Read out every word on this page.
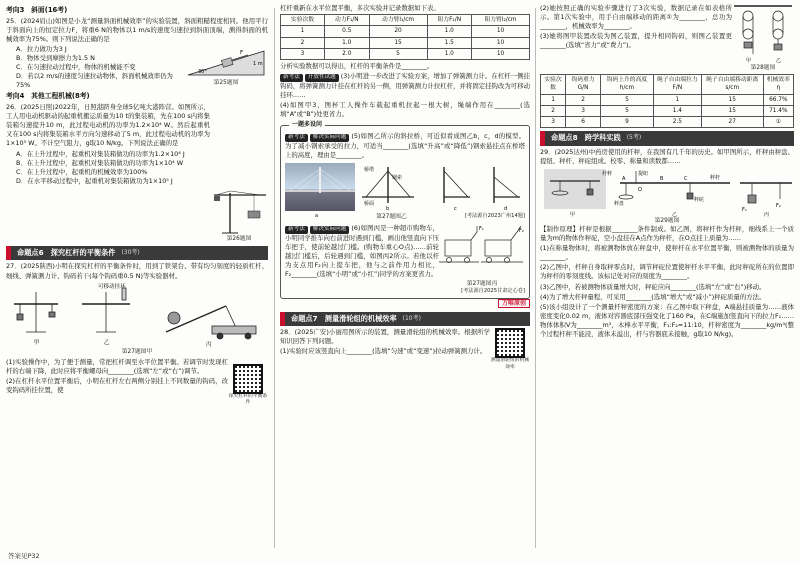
考向3　斜面(16考)
25．(2024眉山)如图是小龙“测量斜面机械效率”的实验装置，斜面粗糙程度相同。他用平行于斜面向上的恒定拉力F，将重6 N的物体以1 m/s的速度匀速拉到斜面顶端，测得斜面的机械效率为75%。则下列说法正确的是
A．拉力做功为3 J
B．物体受到摩擦力为1.5 N
C．在匀速拉动过程中，物体的机械能不变
D．若以2 m/s的速度匀速拉动物体，斜面机械效率仍为75%
F
30°
1 m
第25题图
考向4　其他工程机械(8考)
26．(2025日照)2022年，日照港跻身全球5亿吨大港阵营。如图所示，工人用电动机驱动的起重机搬运质量为10 t的集装箱，先在100 s内将集装箱匀速提升10 m，此过程电动机的功率为1.2×10⁴ W。然后起重机又在100 s内将集装箱水平方向匀速移动了5 m，此过程电动机的功率为1×10³ W。不计空气阻力，g取10 N/kg。下列说法正确的是
A．在上升过程中，起重机对集装箱做功的功率为1.2×10⁴ J
B．在上升过程中，起重机对集装箱做功的功率为1×10⁴ W
C．在上升过程中，起重机的机械效率为100%
D．在水平移动过程中，起重机对集装箱做功为1×10⁵ J
第26题图
命题点6　探究杠杆的平衡条件 (30考)
27．(2025陕西)小明在探究杠杆的平衡条件时，用到了铁架台、带有均匀刻度的轻质杠杆、细线、弹簧测力计、钩码若干(每个钩码重0.5 N)等实验器材。
可移动挂环
甲	乙	丙
第27题图甲
(1)实验操作中，为了便于测量，常把杠杆调至水平位置平衡。若调节时发现杠杆的右端下降，此时应将平衡螺母向________(选填“左”或“右”)调节。
(2)在杠杆水平位置平衡后，小明在杠杆左右两侧分别挂上不同数量的钩码，改变钩码所挂位置，使
探究杠杆的平衡条件
杠杆重新在水平位置平衡，多次实验并记录数据如下表。
实验次数	动力F₁/N	动力臂l₁/cm	阻力F₂/N	阻力臂l₂/cm
1	0.5	20	1.0	10
2	1.0	15	1.5	10
3	2.0	5	1.0	10
分析实验数据可以得出，杠杆的平衡条件是________。
新考法 开放性试题 (3)小明进一步改进了实验方案，增加了弹簧测力计。在杠杆一侧挂钩码，将弹簧测力计挂在杠杆的另一侧，用弹簧测力计拉杠杆，并将固定挂钩改为可移动挂环……
(4)如图甲3，图杯工人操作车载起重机拉起一根大树，绳端作用在________(选填“A”或“B”)处更省力。
一题多设问
新考法 解决实际问题 (5)如图乙所示的斜拉桥，可近似看成图乙b，c，d的模型。为了减小钢索承受的拉力，可适当________(选填“升高”或“降低”)钢索悬挂点在桥塔上的高度，理由是________。
桥塔
钢索
桥面
b	c	d
a	第27题图乙	[考法源自2023广州14题]
新考法 解决实际问题 (6)如图丙是一种超市购物车，小明同学推车向右前进时遇到门槛，画出他竖直向下压车把手，使前轮越过门槛。(购物车重心O点)……前轮越过门槛后，后轮遇到门槛，如图丙2所示。若他以杆为支点用F₂向上提车把，他与之前作用力相比，F₂________(选填“小明”或“小红”)同学的方案更省力。
F₁	F₂
第27题图丙
[考法源自2025甘肃定心卷]
万唯原创
命题点7　测量滑轮组的机械效率 (10考)
28．(2025广安)小丽用图所示的装置，测量滑轮组的机械效率。根据所学知识回答下列问题。
(1)实验时应该竖直向上________(选填“匀速”或“变速”)拉动弹簧测力计。
测量滑轮组的机械效率
(2)她按照正确的实验步骤进行了3次实验，数据记录在如表格所示。第1次实验中，用手自由端移动的距离①为________，总功为________，机械效率为________。
(3)她将图甲装置改装为图乙装置，提升相同钩码，则图乙装置更________(选填“省力”或“费力”)。
甲	乙
第28题图
实验次数	钩码重力G/N	钩码上升的高度h/cm	绳子自由端拉力F/N	绳子自由端移动距离s/cm	机械效率η
1	2	5	1	15	66.7%
2	3	5	1.4	15	71.4%
3	6	9	2.5	27	①
命题点8　跨学科实践 (5考)
29．(2025达州)中药房使用的杆秤，在我国有几千年的历史。如甲图所示，杆秤由秤盘、提纽、秤杆、秤砣组成。校零、称量和读数都……
杆秤	提纽
秤杆
秤盘
秤砣
A	B	C
O
F₁
F₂
甲	乙	丙
第29题图
【制作原理】杆秤是根据________条件制成。如乙图，将秤杆作为杆秤，细线系上一个质量为m的物体作秤砣，空小盘挂在A点作为秤杆，在O点挂上质量为……
(1)在称量物体时，将被测物体放在秤盘中，使秤杆在水平位置平衡，则被测物体的质量为________。
(2)乙图中，杆秤自身取秤零点时，调节秤砣位置使秤杆水平平衡，此时秤砣所在的位置即为秤杆的零刻度线。该标记处对应的刻度为________。
(3)乙图中，若被测物体质量增大时，秤砣应向________(选填“左”或“右”)移动。
(4)为了增大杆秤量程，可采用________(选填“增大”或“减小”)秤砣质量的方法。
(5)该小组设计了一个测量杆秤密度的方案：在乙图中取下秤盘，A端悬挂质量为……液体密度变化0.02 m，液体对容器底部压强变化了160 Pa，在C端施加竖直向下的拉力F₁……物体体积V为________m³，木棒水平平衡，F₁:F₂=11:10，杆秤密度为________kg/m³(整个过程杆秤不能浸，液体未溢出，杆与容器底未接触，g取10 N/kg)。
答案见P32
